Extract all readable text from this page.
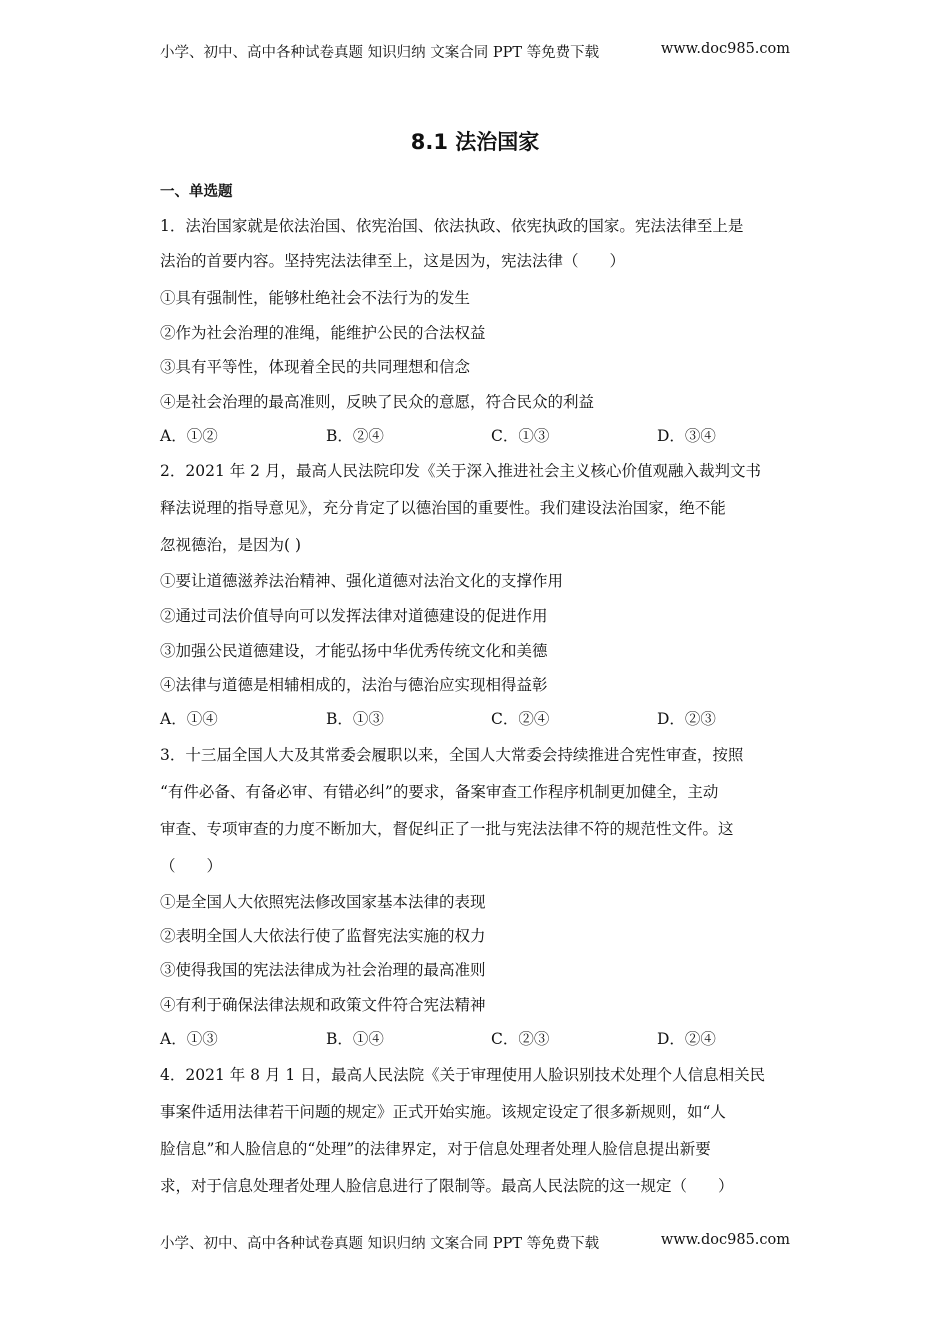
小学、初中、高中各种试卷真题 知识归纳 文案合同 PPT 等免费下载	www.doc985.com
8.1 法治国家
一、单选题
1．法治国家就是依法治国、依宪治国、依法执政、依宪执政的国家。宪法法律至上是
法治的首要内容。坚持宪法法律至上，这是因为，宪法法律（　　）
①具有强制性，能够杜绝社会不法行为的发生
②作为社会治理的准绳，能维护公民的合法权益
③具有平等性，体现着全民的共同理想和信念
④是社会治理的最高准则，反映了民众的意愿，符合民众的利益
A．①②	B．②④	C．①③	D．③④
2．2021 年 2 月，最高人民法院印发《关于深入推进社会主义核心价值观融入裁判文书
释法说理的指导意见》，充分肯定了以德治国的重要性。我们建设法治国家，绝不能
忽视德治，是因为( )
①要让道德滋养法治精神、强化道德对法治文化的支撑作用
②通过司法价值导向可以发挥法律对道德建设的促进作用
③加强公民道德建设，才能弘扬中华优秀传统文化和美德
④法律与道德是相辅相成的，法治与德治应实现相得益彰
A．①④	B．①③	C．②④	D．②③
3．十三届全国人大及其常委会履职以来，全国人大常委会持续推进合宪性审查，按照
“有件必备、有备必审、有错必纠”的要求，备案审查工作程序机制更加健全，主动
审查、专项审查的力度不断加大，督促纠正了一批与宪法法律不符的规范性文件。这
（　　）
①是全国人大依照宪法修改国家基本法律的表现
②表明全国人大依法行使了监督宪法实施的权力
③使得我国的宪法法律成为社会治理的最高准则
④有利于确保法律法规和政策文件符合宪法精神
A．①③	B．①④	C．②③	D．②④
4．2021 年 8 月 1 日，最高人民法院《关于审理使用人脸识别技术处理个人信息相关民
事案件适用法律若干问题的规定》正式开始实施。该规定设定了很多新规则，如“人
脸信息”和人脸信息的“处理”的法律界定，对于信息处理者处理人脸信息提出新要
求，对于信息处理者处理人脸信息进行了限制等。最高人民法院的这一规定（　　）
小学、初中、高中各种试卷真题 知识归纳 文案合同 PPT 等免费下载	www.doc985.com
